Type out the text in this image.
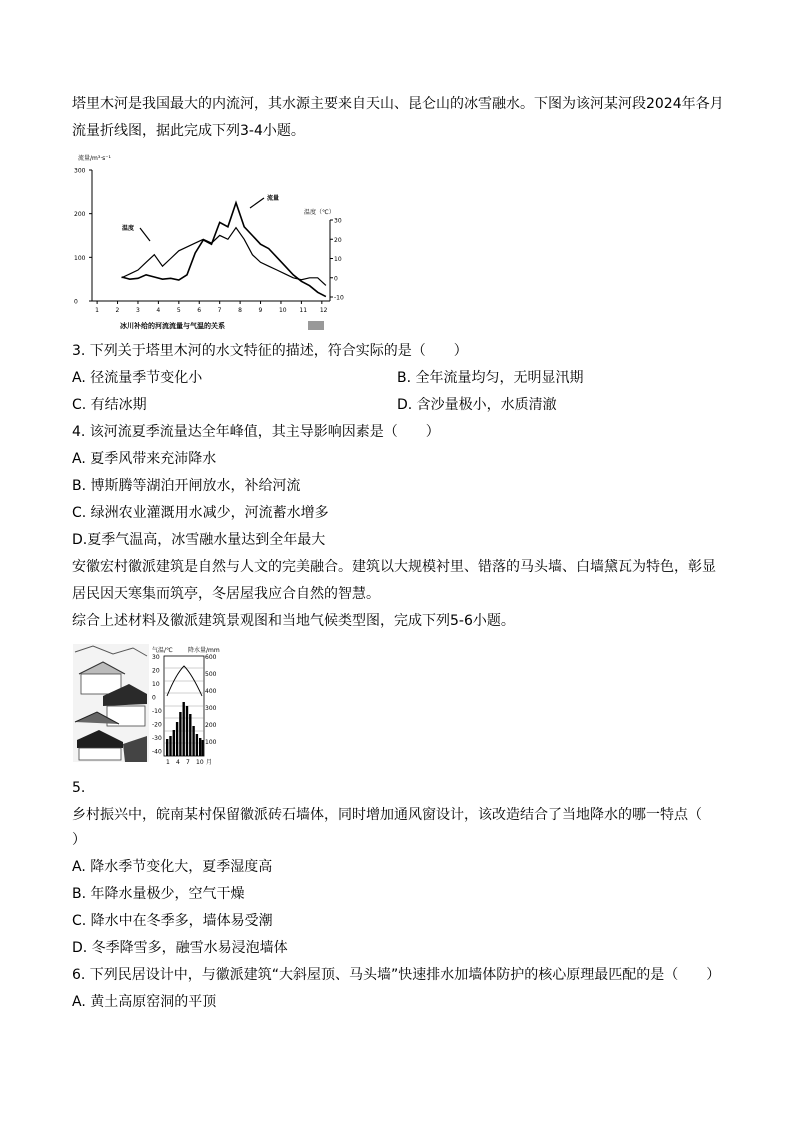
塔里木河是我国最大的内流河，其水源主要来自天山、昆仑山的冰雪融水。下图为该河某河段2024年各月
流量折线图，据此完成下列3-4小题。
流量/m³·s⁻¹
温度（℃）
流量
温度
冰川补给的河流流量与气温的关系
300
200
100
0
30
20
10
0
-10
1	2	3	4	5	6	7	8	9	10 11 12
3. 下列关于塔里木河的水文特征的描述，符合实际的是（　　）
A. 径流量季节变化小	B. 全年流量均匀，无明显汛期
C. 有结冰期	D. 含沙量极小，水质清澈
4. 该河流夏季流量达全年峰值，其主导影响因素是（　　）
A. 夏季风带来充沛降水
B. 博斯腾等湖泊开闸放水，补给河流
C. 绿洲农业灌溉用水减少，河流蓄水增多
D.夏季气温高，冰雪融水量达到全年最大
安徽宏村徽派建筑是自然与人文的完美融合。建筑以大规模衬里、错落的马头墙、白墙黛瓦为特色，彰显
居民因天寒集而筑亭，冬居屋我应合自然的智慧。
综合上述材料及徽派建筑景观图和当地气候类型图，完成下列5-6小题。
气温/℃	降水量/mm
30
20
10
0
-10
-20
-30
-40
600
500
400
300
200
100
1 4 7 10 月
5.
乡村振兴中，皖南某村保留徽派砖石墙体，同时增加通风窗设计，该改造结合了当地降水的哪一特点（
）
A. 降水季节变化大，夏季湿度高
B. 年降水量极少，空气干燥
C. 降水中在冬季多，墙体易受潮
D. 冬季降雪多，融雪水易浸泡墙体
6. 下列民居设计中，与徽派建筑“大斜屋顶、马头墙”快速排水加墙体防护的核心原理最匹配的是（　　）
A. 黄土高原窑洞的平顶
